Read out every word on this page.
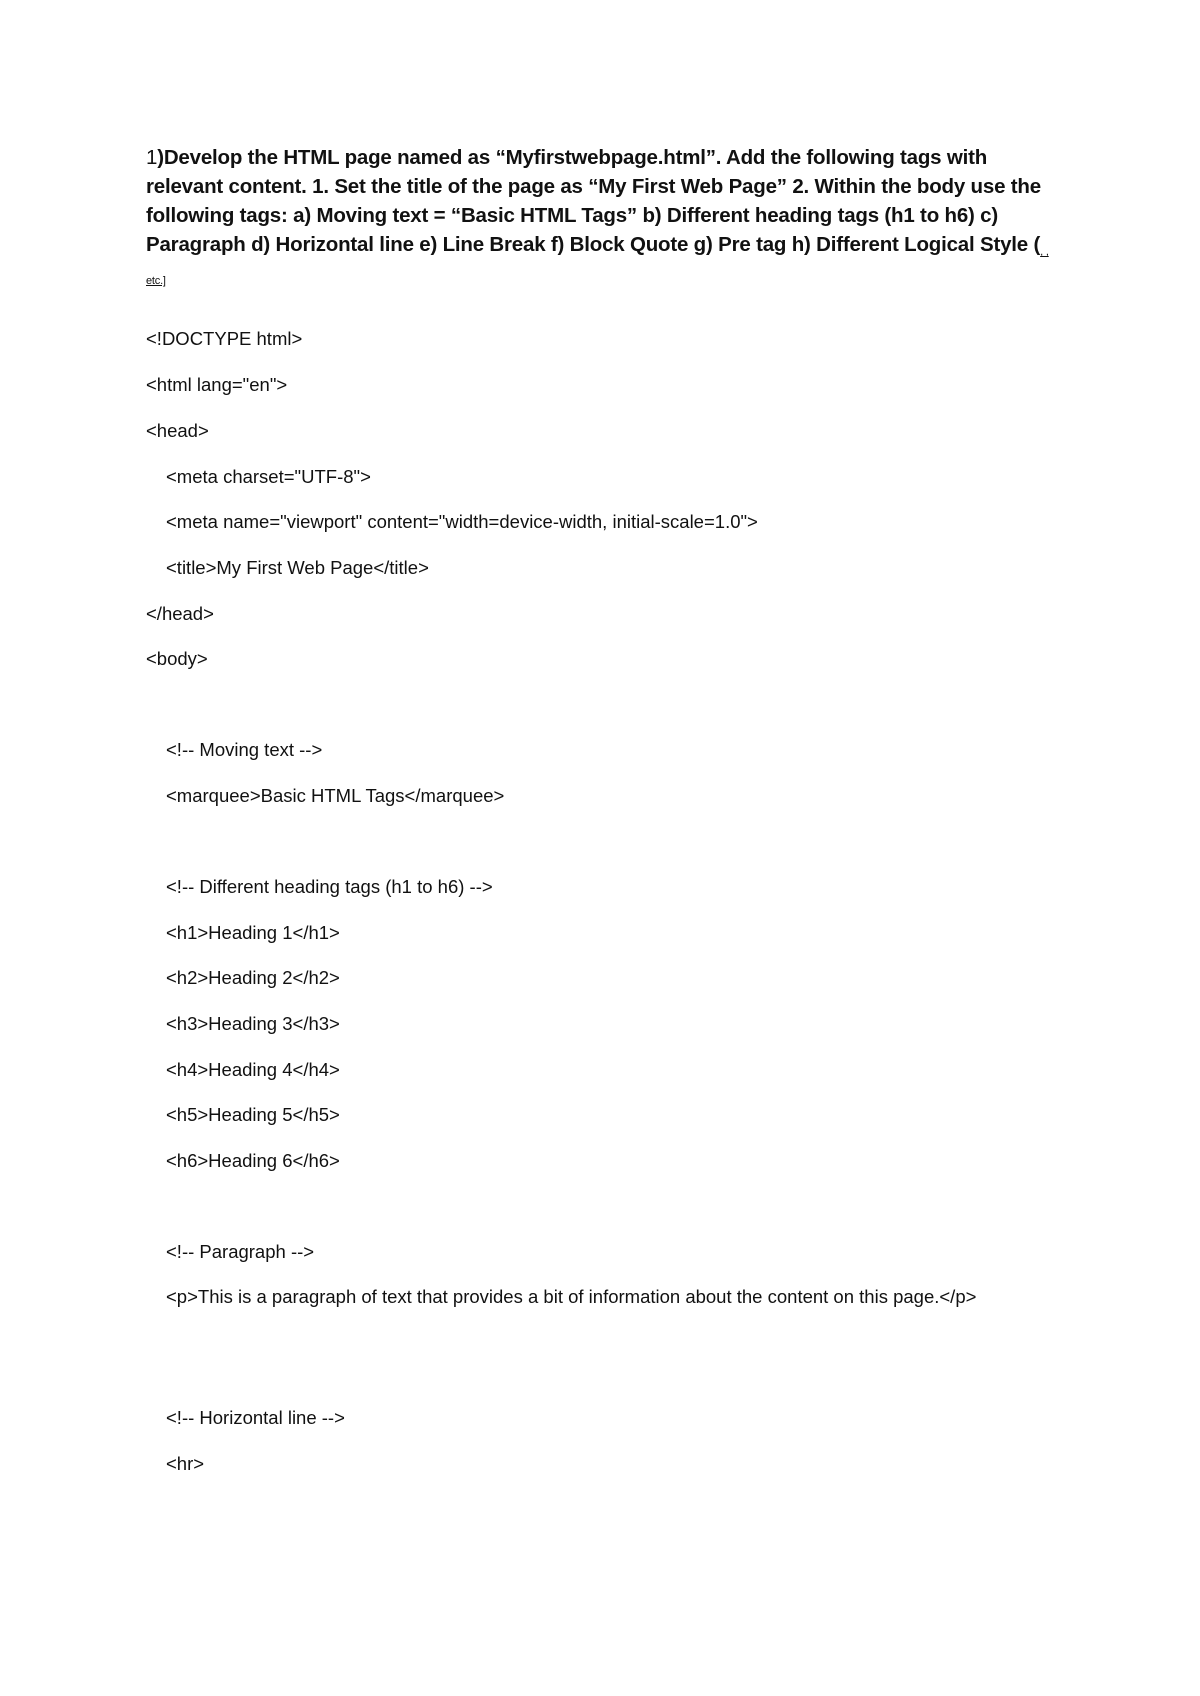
1)Develop the HTML page named as “Myfirstwebpage.html”. Add the following tags with relevant content. 1. Set the title of the page as “My First Web Page” 2. Within the body use the following tags: a) Moving text = “Basic HTML Tags” b) Different heading tags (h1 to h6) c) Paragraph d) Horizontal line e) Line Break f) Block Quote g) Pre tag h) Different Logical Style (, , $^{etc.]}$

<!DOCTYPE html>

<html lang="en">

<head>

<meta charset="UTF-8">

<meta name="viewport" content="width=device-width, initial-scale=1.0">

<title>My First Web Page</title>

</head>

<body>

<!-- Moving text -->

<marquee>Basic HTML Tags</marquee>

<!-- Different heading tags (h1 to h6) -->

<h1>Heading 1</h1>

<h2>Heading 2</h2>

<h3>Heading 3</h3>

<h4>Heading 4</h4>

<h5>Heading 5</h5>

<h6>Heading 6</h6>

<!-- Paragraph -->

<p>This is a paragraph of text that provides a bit of information about the content on this page.</p>

<!-- Horizontal line -->

<hr>
